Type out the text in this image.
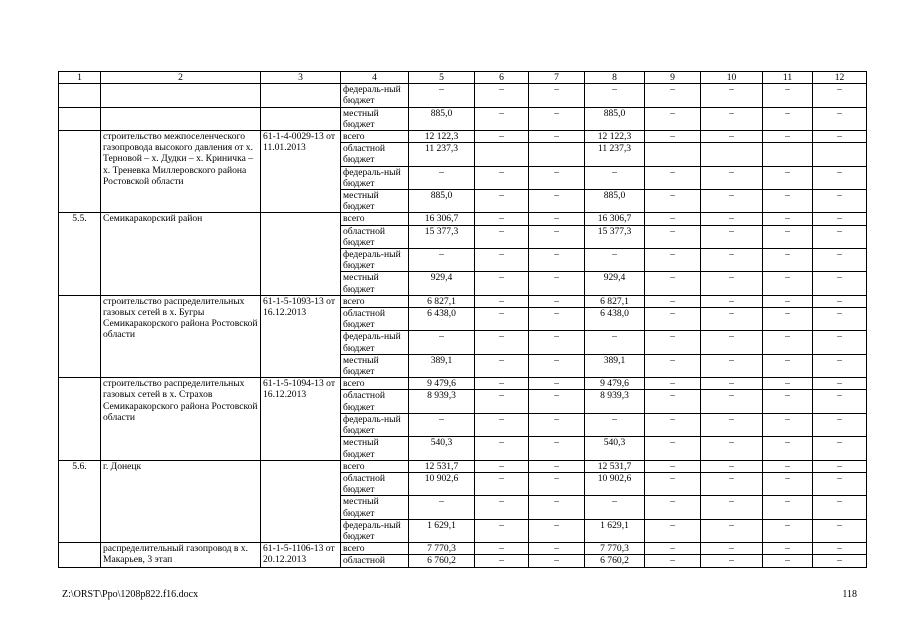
1	2	3	4	5	6	7	8	9	10	11	12
			федераль-ный бюджет	–	–	–	–	–	–	–	–
			местный бюджет	885,0	–	–	885,0	–	–	–	–
	строительство межпоселенческого газопровода высокого давления от х. Терновой – х. Дудки – х. Криничка – х. Треневка Миллеровского района Ростовской области	61-1-4-0029-13 от 11.01.2013	всего	12 122,3	–	–	12 122,3	–	–	–	–
			областной бюджет	11 237,3			11 237,3				
			федераль-ный бюджет	–	–	–	–	–	–	–	–
			местный бюджет	885,0	–	–	885,0	–	–	–	–
5.5.	Семикаракорский район		всего	16 306,7	–	–	16 306,7	–	–	–	–
			областной бюджет	15 377,3	–	–	15 377,3	–	–	–	–
			федераль-ный бюджет	–	–	–	–	–	–	–	–
			местный бюджет	929,4	–	–	929,4	–	–	–	–
	строительство распределительных газовых сетей в х. Бугры Семикаракорского района Ростовской области	61-1-5-1093-13 от 16.12.2013	всего	6 827,1	–	–	6 827,1	–	–	–	–
			областной бюджет	6 438,0	–	–	6 438,0	–	–	–	–
			федераль-ный бюджет	–	–	–	–	–	–	–	–
			местный бюджет	389,1	–	–	389,1	–	–	–	–
	строительство распределительных газовых сетей в х. Страхов Семикаракорского района Ростовской области	61-1-5-1094-13 от 16.12.2013	всего	9 479,6	–	–	9 479,6	–	–	–	–
			областной бюджет	8 939,3	–	–	8 939,3	–	–	–	–
			федераль-ный бюджет	–	–	–	–	–	–	–	–
			местный бюджет	540,3	–	–	540,3	–	–	–	–
5.6.	г. Донецк		всего	12 531,7	–	–	12 531,7	–	–	–	–
			областной бюджет	10 902,6	–	–	10 902,6	–	–	–	–
			местный бюджет	–	–	–	–	–	–	–	–
			федераль-ный бюджет	1 629,1	–	–	1 629,1	–	–	–	–
	распределительный газопровод в х. Макарьев, 3 этап	61-1-5-1106-13 от 20.12.2013	всего	7 770,3	–	–	7 770,3	–	–	–	–
			областной	6 760,2	–	–	6 760,2	–	–	–	–
Z:\ORST\Ppo\1208p822.f16.docx	118
